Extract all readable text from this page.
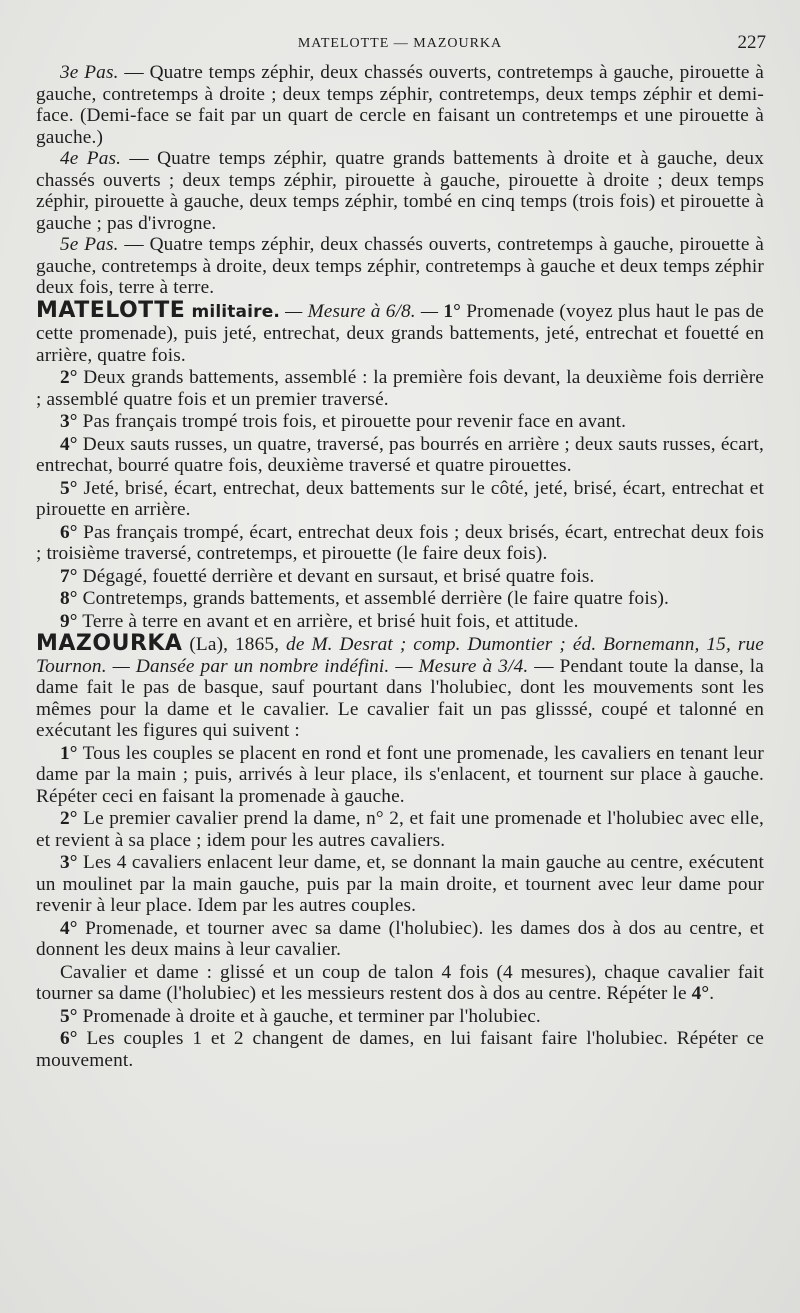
MATELOTTE — MAZOURKA	227

3e Pas. — Quatre temps zéphir, deux chassés ouverts, contretemps à gauche, pirouette à gauche, contretemps à droite ; deux temps zéphir, contretemps, deux temps zéphir et demi-face. (Demi-face se fait par un quart de cercle en faisant un contretemps et une pirouette à gauche.)

4e Pas. — Quatre temps zéphir, quatre grands battements à droite et à gauche, deux chassés ouverts ; deux temps zéphir, pirouette à gauche, pirouette à droite ; deux temps zéphir, pirouette à gauche, deux temps zéphir, tombé en cinq temps (trois fois) et pirouette à gauche ; pas d'ivrogne.

5e Pas. — Quatre temps zéphir, deux chassés ouverts, contretemps à gauche, pirouette à gauche, contretemps à droite, deux temps zéphir, contretemps à gauche et deux temps zéphir deux fois, terre à terre.

MATELOTTE militaire. — Mesure à 6/8. — 1° Promenade (voyez plus haut le pas de cette promenade), puis jeté, entrechat, deux grands battements, jeté, entrechat et fouetté en arrière, quatre fois.

2° Deux grands battements, assemblé : la première fois devant, la deuxième fois derrière ; assemblé quatre fois et un premier traversé.

3° Pas français trompé trois fois, et pirouette pour revenir face en avant.

4° Deux sauts russes, un quatre, traversé, pas bourrés en arrière ; deux sauts russes, écart, entrechat, bourré quatre fois, deuxième traversé et quatre pirouettes.

5° Jeté, brisé, écart, entrechat, deux battements sur le côté, jeté, brisé, écart, entrechat et pirouette en arrière.

6° Pas français trompé, écart, entrechat deux fois ; deux brisés, écart, entrechat deux fois ; troisième traversé, contretemps, et pirouette (le faire deux fois).

7° Dégagé, fouetté derrière et devant en sursaut, et brisé quatre fois.

8° Contretemps, grands battements, et assemblé derrière (le faire quatre fois).

9° Terre à terre en avant et en arrière, et brisé huit fois, et attitude.

MAZOURKA (La), 1865, de M. Desrat ; comp. Dumontier ; éd. Bornemann, 15, rue Tournon. — Dansée par un nombre indéfini. — Mesure à 3/4. — Pendant toute la danse, la dame fait le pas de basque, sauf pourtant dans l'holubiec, dont les mouvements sont les mêmes pour la dame et le cavalier. Le cavalier fait un pas glisssé, coupé et talonné en exécutant les figures qui suivent :

1° Tous les couples se placent en rond et font une promenade, les cavaliers en tenant leur dame par la main ; puis, arrivés à leur place, ils s'enlacent, et tournent sur place à gauche. Répéter ceci en faisant la promenade à gauche.

2° Le premier cavalier prend la dame, n° 2, et fait une promenade et l'holubiec avec elle, et revient à sa place ; idem pour les autres cavaliers.

3° Les 4 cavaliers enlacent leur dame, et, se donnant la main gauche au centre, exécutent un moulinet par la main gauche, puis par la main droite, et tournent avec leur dame pour revenir à leur place. Idem par les autres couples.

4° Promenade, et tourner avec sa dame (l'holubiec). les dames dos à dos au centre, et donnent les deux mains à leur cavalier.

Cavalier et dame : glissé et un coup de talon 4 fois (4 mesures), chaque cavalier fait tourner sa dame (l'holubiec) et les messieurs restent dos à dos au centre. Répéter le 4°.

5° Promenade à droite et à gauche, et terminer par l'holubiec.

6° Les couples 1 et 2 changent de dames, en lui faisant faire l'holubiec. Répéter ce mouvement.
